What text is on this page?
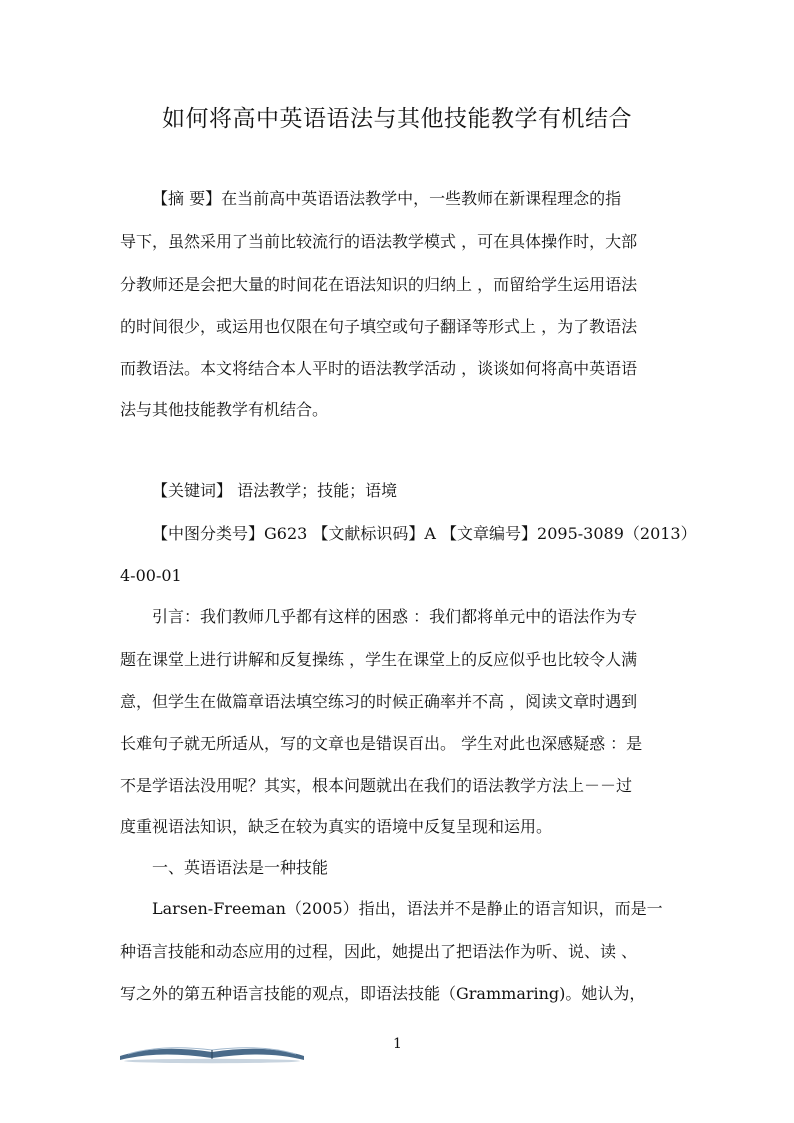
如何将高中英语语法与其他技能教学有机结合
【摘 要】在当前高中英语语法教学中，一些教师在新课程理念的指
导下，虽然采用了当前比较流行的语法教学模式 ，可在具体操作时，大部
分教师还是会把大量的时间花在语法知识的归纳上 ，而留给学生运用语法
的时间很少，或运用也仅限在句子填空或句子翻译等形式上 ，为了教语法
而教语法。本文将结合本人平时的语法教学活动 ，谈谈如何将高中英语语
法与其他技能教学有机结合。
【关键词】 语法教学；技能；语境
【中图分类号】G623 【文献标识码】A 【文章编号】2095-3089（2013）
4-00-01
引言：我们教师几乎都有这样的困惑 ：我们都将单元中的语法作为专
题在课堂上进行讲解和反复操练 ，学生在课堂上的反应似乎也比较令人满
意，但学生在做篇章语法填空练习的时候正确率并不高 ，阅读文章时遇到
长难句子就无所适从，写的文章也是错误百出。 学生对此也深感疑惑 ：是
不是学语法没用呢？其实，根本问题就出在我们的语法教学方法上－－过
度重视语法知识，缺乏在较为真实的语境中反复呈现和运用。
一、英语语法是一种技能
Larsen-Freeman（2005）指出，语法并不是静止的语言知识，而是一
种语言技能和动态应用的过程，因此，她提出了把语法作为听、说、读 、
写之外的第五种语言技能的观点，即语法技能（Grammaring)。她认为，
1
